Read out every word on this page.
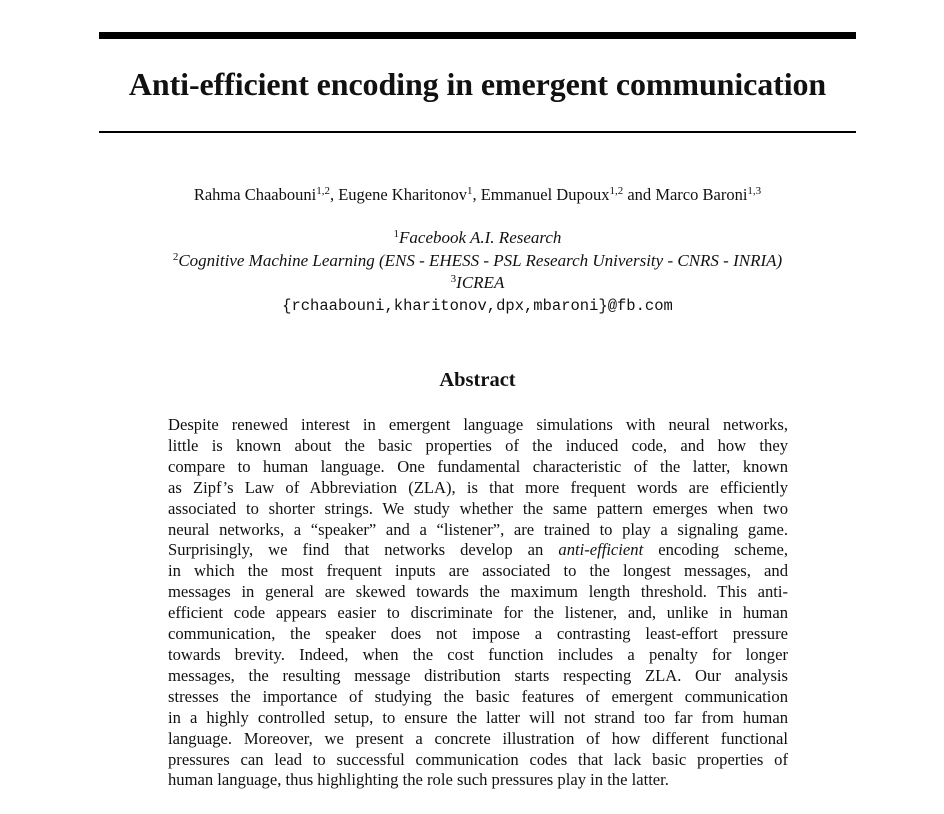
Anti-efficient encoding in emergent communication
Rahma Chaabouni$^{1,2}$, Eugene Kharitonov$^1$, Emmanuel Dupoux$^{1,2}$ and Marco Baroni$^{1,3}$
$^1$Facebook A.I. Research
$^2$Cognitive Machine Learning (ENS - EHESS - PSL Research University - CNRS - INRIA)
$^3$ICREA
{rchaabouni,kharitonov,dpx,mbaroni}@fb.com
Abstract
Despite renewed interest in emergent language simulations with neural networks,
little is known about the basic properties of the induced code, and how they
compare to human language. One fundamental characteristic of the latter, known
as Zipf’s Law of Abbreviation (ZLA), is that more frequent words are efficiently
associated to shorter strings. We study whether the same pattern emerges when two
neural networks, a “speaker” and a “listener”, are trained to play a signaling game.
Surprisingly, we find that networks develop an anti-efficient encoding scheme,
in which the most frequent inputs are associated to the longest messages, and
messages in general are skewed towards the maximum length threshold. This anti-
efficient code appears easier to discriminate for the listener, and, unlike in human
communication, the speaker does not impose a contrasting least-effort pressure
towards brevity. Indeed, when the cost function includes a penalty for longer
messages, the resulting message distribution starts respecting ZLA. Our analysis
stresses the importance of studying the basic features of emergent communication
in a highly controlled setup, to ensure the latter will not strand too far from human
language. Moreover, we present a concrete illustration of how different functional
pressures can lead to successful communication codes that lack basic properties of
human language, thus highlighting the role such pressures play in the latter.
